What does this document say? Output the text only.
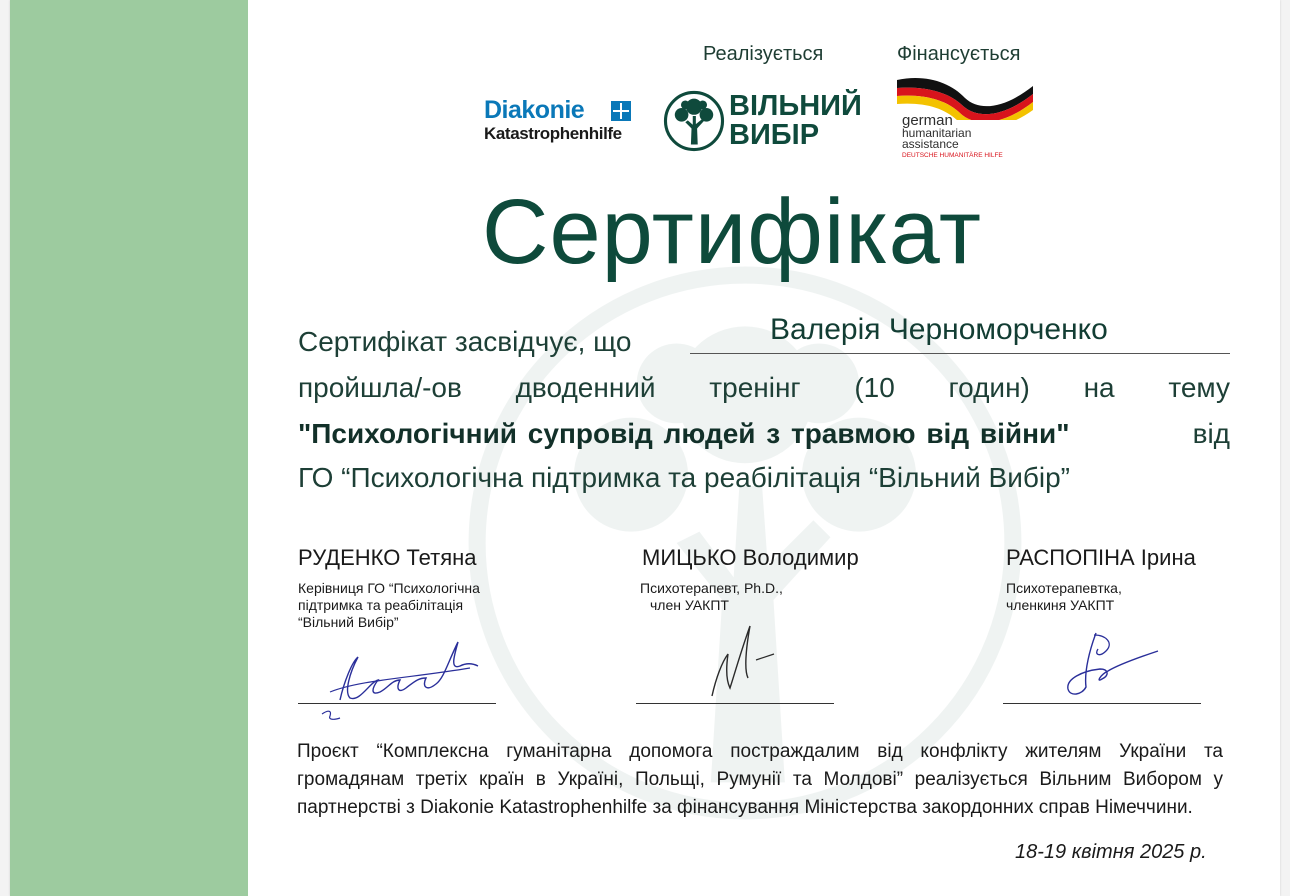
Реалізується	Фінансується
Diakonie
Katastrophenhilfe
ВІЛЬНИЙ
ВИБІР	german
humanitarian
assistance
DEUTSCHE HUMANITÄRE HILFE
Сертифікат
Сертифікат засвідчує, що	Валерія Черноморченко
пройшла/-ов дводенний тренінг (10 годин) на тему
"Психологічний супровід людей з травмою від війни"	від
ГО “Психологічна підтримка та реабілітація “Вільний Вибір”
РУДЕНКО Тетяна
Керівниця ГО “Психологічна
підтримка та реабілітація
“Вільний Вибір”
МИЦЬКО Володимир
Психотерапевт, Ph.D.,
член УАКПТ
РАСПОПІНА Ірина
Психотерапевтка,
членкиня УАКПТ
Проєкт “Комплексна гуманітарна допомога постраждалим від конфлікту жителям України та громадянам третіх країн в Україні, Польщі, Румунії та Молдові” реалізується Вільним Вибором у партнерстві з Diakonie Katastrophenhilfe за фінансування Міністерства закордонних справ Німеччини.
18-19 квітня 2025 р.
